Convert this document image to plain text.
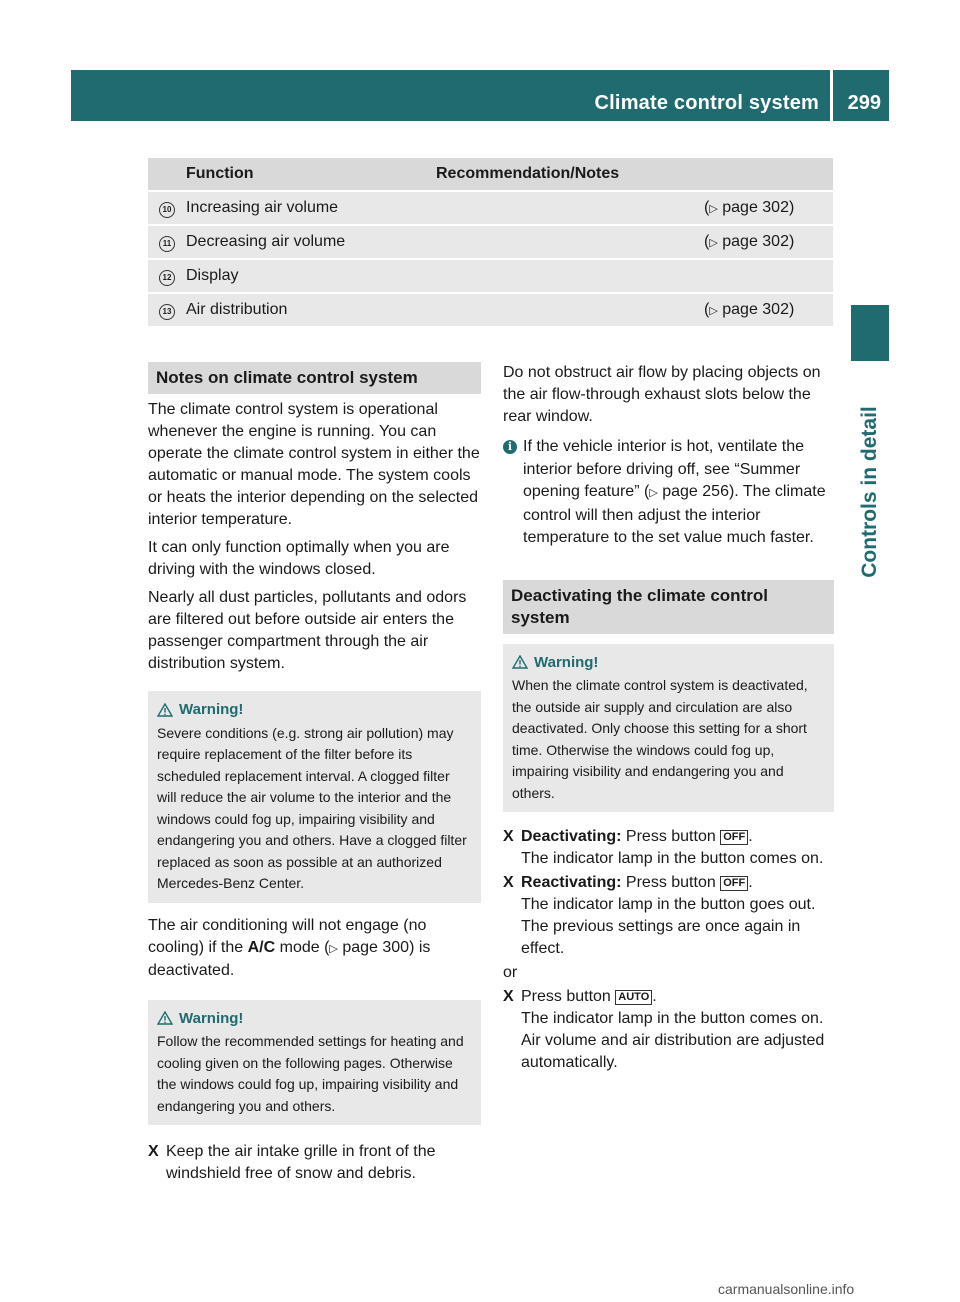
Climate control system 299
Controls in detail
	Function	Recommendation/Notes	
10	Increasing air volume		(▷ page 302)
11	Decreasing air volume		(▷ page 302)
12	Display		
13	Air distribution		(▷ page 302)
Notes on climate control system

The climate control system is operational whenever the engine is running. You can operate the climate control system in either the automatic or manual mode. The system cools or heats the interior depending on the selected interior temperature.

It can only function optimally when you are driving with the windows closed.

Nearly all dust particles, pollutants and odors are filtered out before outside air enters the passenger compartment through the air distribution system.

Warning!
Severe conditions (e.g. strong air pollution) may require replacement of the filter before its scheduled replacement interval. A clogged filter will reduce the air volume to the interior and the windows could fog up, impairing visibility and endangering you and others. Have a clogged filter replaced as soon as possible at an authorized Mercedes-Benz Center.

The air conditioning will not engage (no cooling) if the A/C mode (▷ page 300) is deactivated.

Warning!
Follow the recommended settings for heating and cooling given on the following pages. Otherwise the windows could fog up, impairing visibility and endangering you and others.
X Keep the air intake grille in front of the windshield free of snow and debris.

Do not obstruct air flow by placing objects on the air flow-through exhaust slots below the rear window.

i If the vehicle interior is hot, ventilate the interior before driving off, see “Summer opening feature” (▷ page 256). The climate control will then adjust the interior temperature to the set value much faster.
Deactivating the climate control system
Warning!
When the climate control system is deactivated, the outside air supply and circulation are also deactivated. Only choose this setting for a short time. Otherwise the windows could fog up, impairing visibility and endangering you and others.
X Deactivating: Press button OFF .
The indicator lamp in the button comes on.
X Reactivating: Press button OFF .
The indicator lamp in the button goes out. The previous settings are once again in effect.

or

X Press button AUTO .
The indicator lamp in the button comes on. Air volume and air distribution are adjusted automatically.
carmanualsonline.info
